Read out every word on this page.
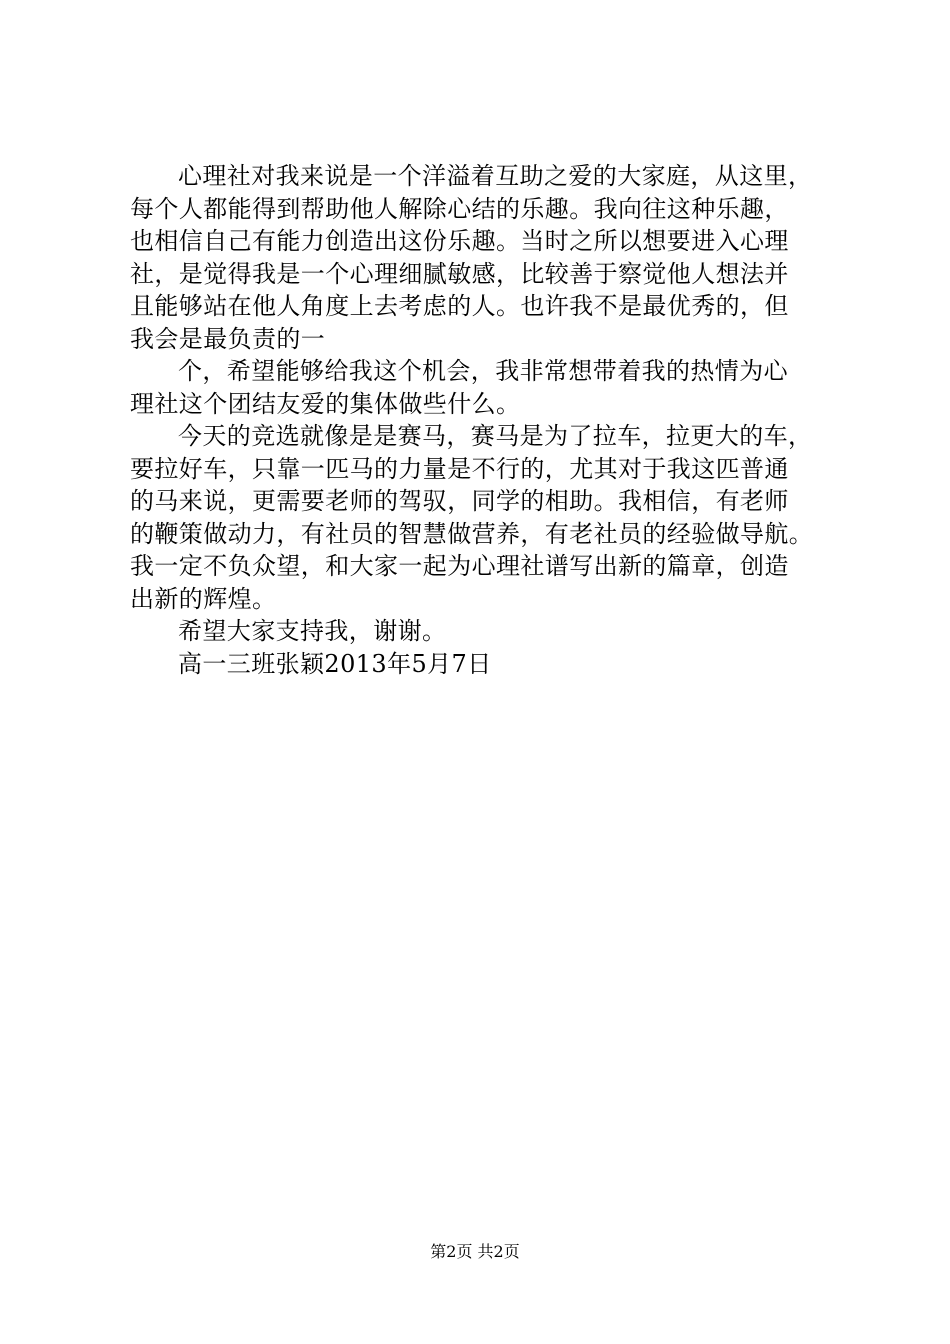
心理社对我来说是一个洋溢着互助之爱的大家庭，从这里，
每个人都能得到帮助他人解除心结的乐趣。我向往这种乐趣，
也相信自己有能力创造出这份乐趣。当时之所以想要进入心理
社，是觉得我是一个心理细腻敏感，比较善于察觉他人想法并
且能够站在他人角度上去考虑的人。也许我不是最优秀的，但
我会是最负责的一
个，希望能够给我这个机会，我非常想带着我的热情为心
理社这个团结友爱的集体做些什么。
今天的竞选就像是是赛马，赛马是为了拉车，拉更大的车，
要拉好车，只靠一匹马的力量是不行的，尤其对于我这匹普通
的马来说，更需要老师的驾驭，同学的相助。我相信，有老师
的鞭策做动力，有社员的智慧做营养，有老社员的经验做导航。
我一定不负众望，和大家一起为心理社谱写出新的篇章，创造
出新的辉煌。
希望大家支持我，谢谢。
高一三班张颖2013年5月7日
第2页 共2页
